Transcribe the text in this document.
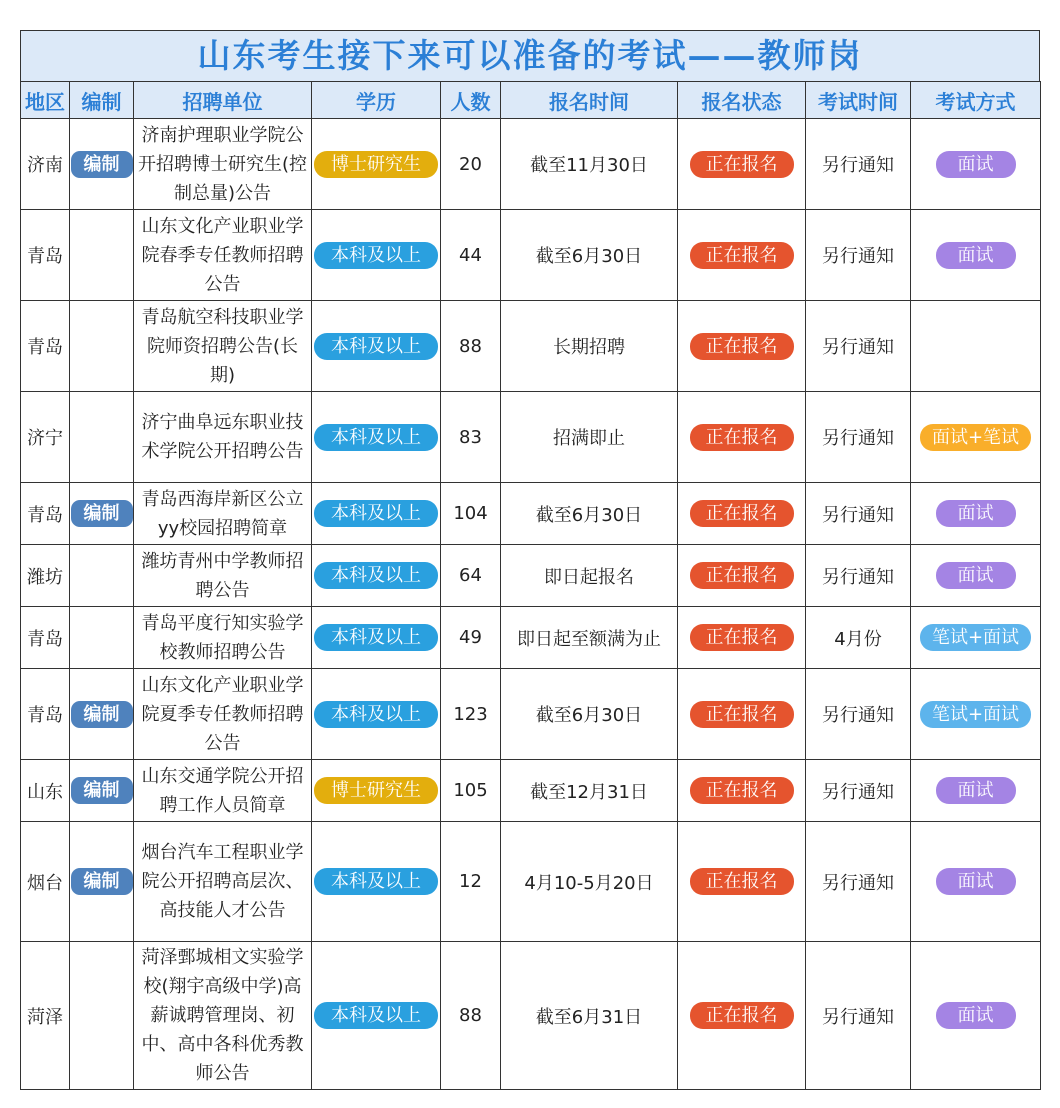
山东考生接下来可以准备的考试——教师岗
地区	编制	招聘单位	学历	人数	报名时间	报名状态	考试时间	考试方式
济南	编制	济南护理职业学院公开招聘博士研究生(控制总量)公告	博士研究生	20	截至11月30日	正在报名	另行通知	面试
青岛		山东文化产业职业学院春季专任教师招聘公告	本科及以上	44	截至6月30日	正在报名	另行通知	面试
青岛		青岛航空科技职业学院师资招聘公告(长期)	本科及以上	88	长期招聘	正在报名	另行通知	
济宁		济宁曲阜远东职业技术学院公开招聘公告	本科及以上	83	招满即止	正在报名	另行通知	面试+笔试
青岛	编制	青岛西海岸新区公立yy校园招聘简章	本科及以上	104	截至6月30日	正在报名	另行通知	面试
潍坊		潍坊青州中学教师招聘公告	本科及以上	64	即日起报名	正在报名	另行通知	面试
青岛		青岛平度行知实验学校教师招聘公告	本科及以上	49	即日起至额满为止	正在报名	4月份	笔试+面试
青岛	编制	山东文化产业职业学院夏季专任教师招聘公告	本科及以上	123	截至6月30日	正在报名	另行通知	笔试+面试
山东	编制	山东交通学院公开招聘工作人员简章	博士研究生	105	截至12月31日	正在报名	另行通知	面试
烟台	编制	烟台汽车工程职业学院公开招聘高层次、高技能人才公告	本科及以上	12	4月10-5月20日	正在报名	另行通知	面试
菏泽		菏泽鄄城相文实验学校(翔宇高级中学)高薪诚聘管理岗、初中、高中各科优秀教师公告	本科及以上	88	截至6月31日	正在报名	另行通知	面试
